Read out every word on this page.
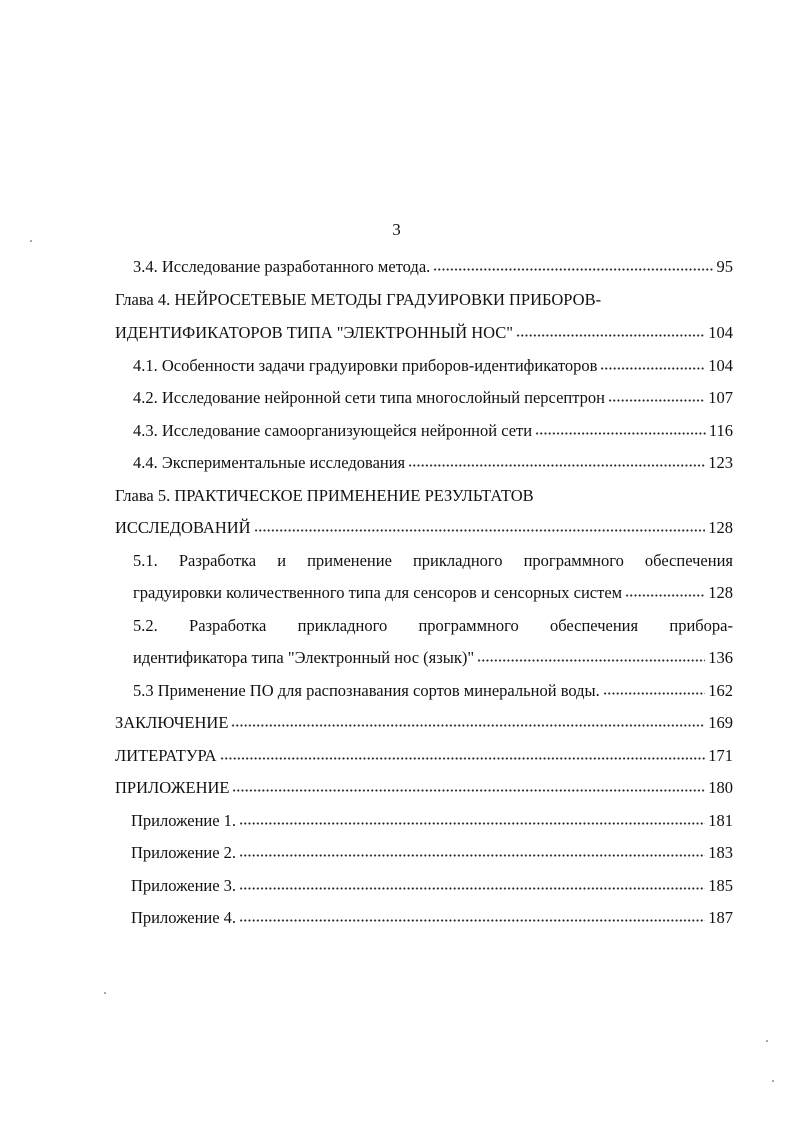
3
3.4. Исследование разработанного метода.	95
Глава 4. НЕЙРОСЕТЕВЫЕ МЕТОДЫ ГРАДУИРОВКИ ПРИБОРОВ-
ИДЕНТИФИКАТОРОВ ТИПА "ЭЛЕКТРОННЫЙ НОС"	104
4.1. Особенности задачи градуировки приборов-идентификаторов	104
4.2. Исследование нейронной сети типа многослойный персептрон	107
4.3. Исследование самоорганизующейся нейронной сети	116
4.4. Экспериментальные исследования	123
Глава 5. ПРАКТИЧЕСКОЕ ПРИМЕНЕНИЕ РЕЗУЛЬТАТОВ
ИССЛЕДОВАНИЙ	128
5.1. Разработка и применение прикладного программного обеспечения
градуировки количественного типа для сенсоров и сенсорных систем	128
5.2. Разработка прикладного программного обеспечения прибора-
идентификатора типа "Электронный нос (язык)"	136
5.3 Применение ПО для распознавания сортов минеральной воды.	162
ЗАКЛЮЧЕНИЕ	169
ЛИТЕРАТУРА	171
ПРИЛОЖЕНИЕ	180
Приложение 1.	181
Приложение 2.	183
Приложение 3.	185
Приложение 4.	187
